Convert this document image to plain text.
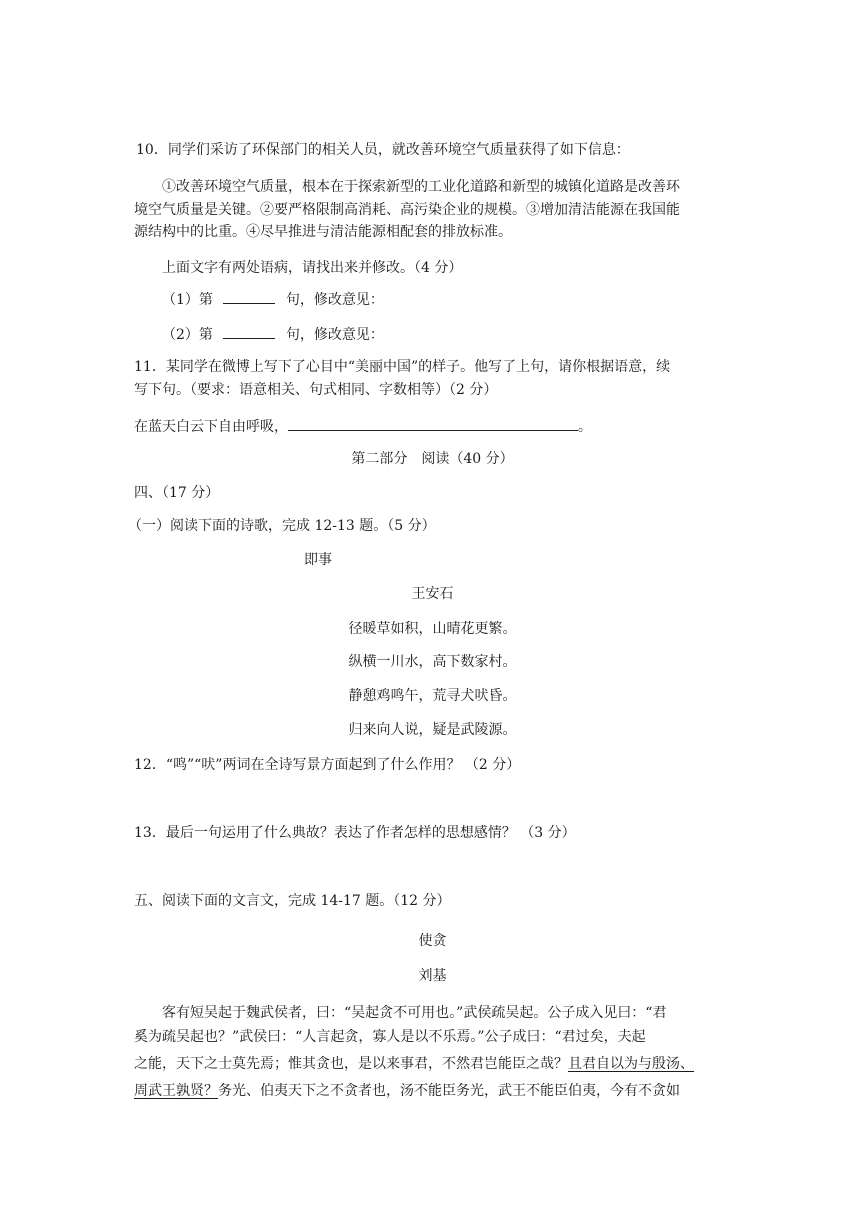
10．同学们采访了环保部门的相关人员，就改善环境空气质量获得了如下信息：
①改善环境空气质量，根本在于探索新型的工业化道路和新型的城镇化道路是改善环
境空气质量是关键。②要严格限制高消耗、高污染企业的规模。③增加清洁能源在我国能
源结构中的比重。④尽早推进与清洁能源相配套的排放标准。
上面文字有两处语病，请找出来并修改。（4 分）
（1）第	句，修改意见：
（2）第	句，修改意见：
11．某同学在微博上写下了心目中“美丽中国”的样子。他写了上句，请你根据语意，续
写下句。（要求：语意相关、句式相同、字数相等）（2 分）
在蓝天白云下自由呼吸，	。
第二部分　阅读（40 分）
四、（17 分）
（一）阅读下面的诗歌，完成 12-13 题。（5 分）
即事
王安石
径暖草如积，山晴花更繁。
纵横一川水，高下数家村。
静憩鸡鸣午，荒寻犬吠昏。
归来向人说，疑是武陵源。
12．“鸣”“吠”两词在全诗写景方面起到了什么作用？ （2 分）
13．最后一句运用了什么典故？表达了作者怎样的思想感情？ （3 分）
五、阅读下面的文言文，完成 14-17 题。（12 分）
使贪
刘基
客有短吴起于魏武侯者，曰：“吴起贪不可用也。”武侯疏吴起。公子成入见曰：“君
奚为疏吴起也？”武侯曰：“人言起贪，寡人是以不乐焉。”公子成曰：“君过矣，夫起
之能，天下之士莫先焉；惟其贪也，是以来事君，不然君岂能臣之哉？且君自以为与殷汤、
周武王孰贤？务光、伯夷天下之不贪者也，汤不能臣务光，武王不能臣伯夷，今有不贪如
